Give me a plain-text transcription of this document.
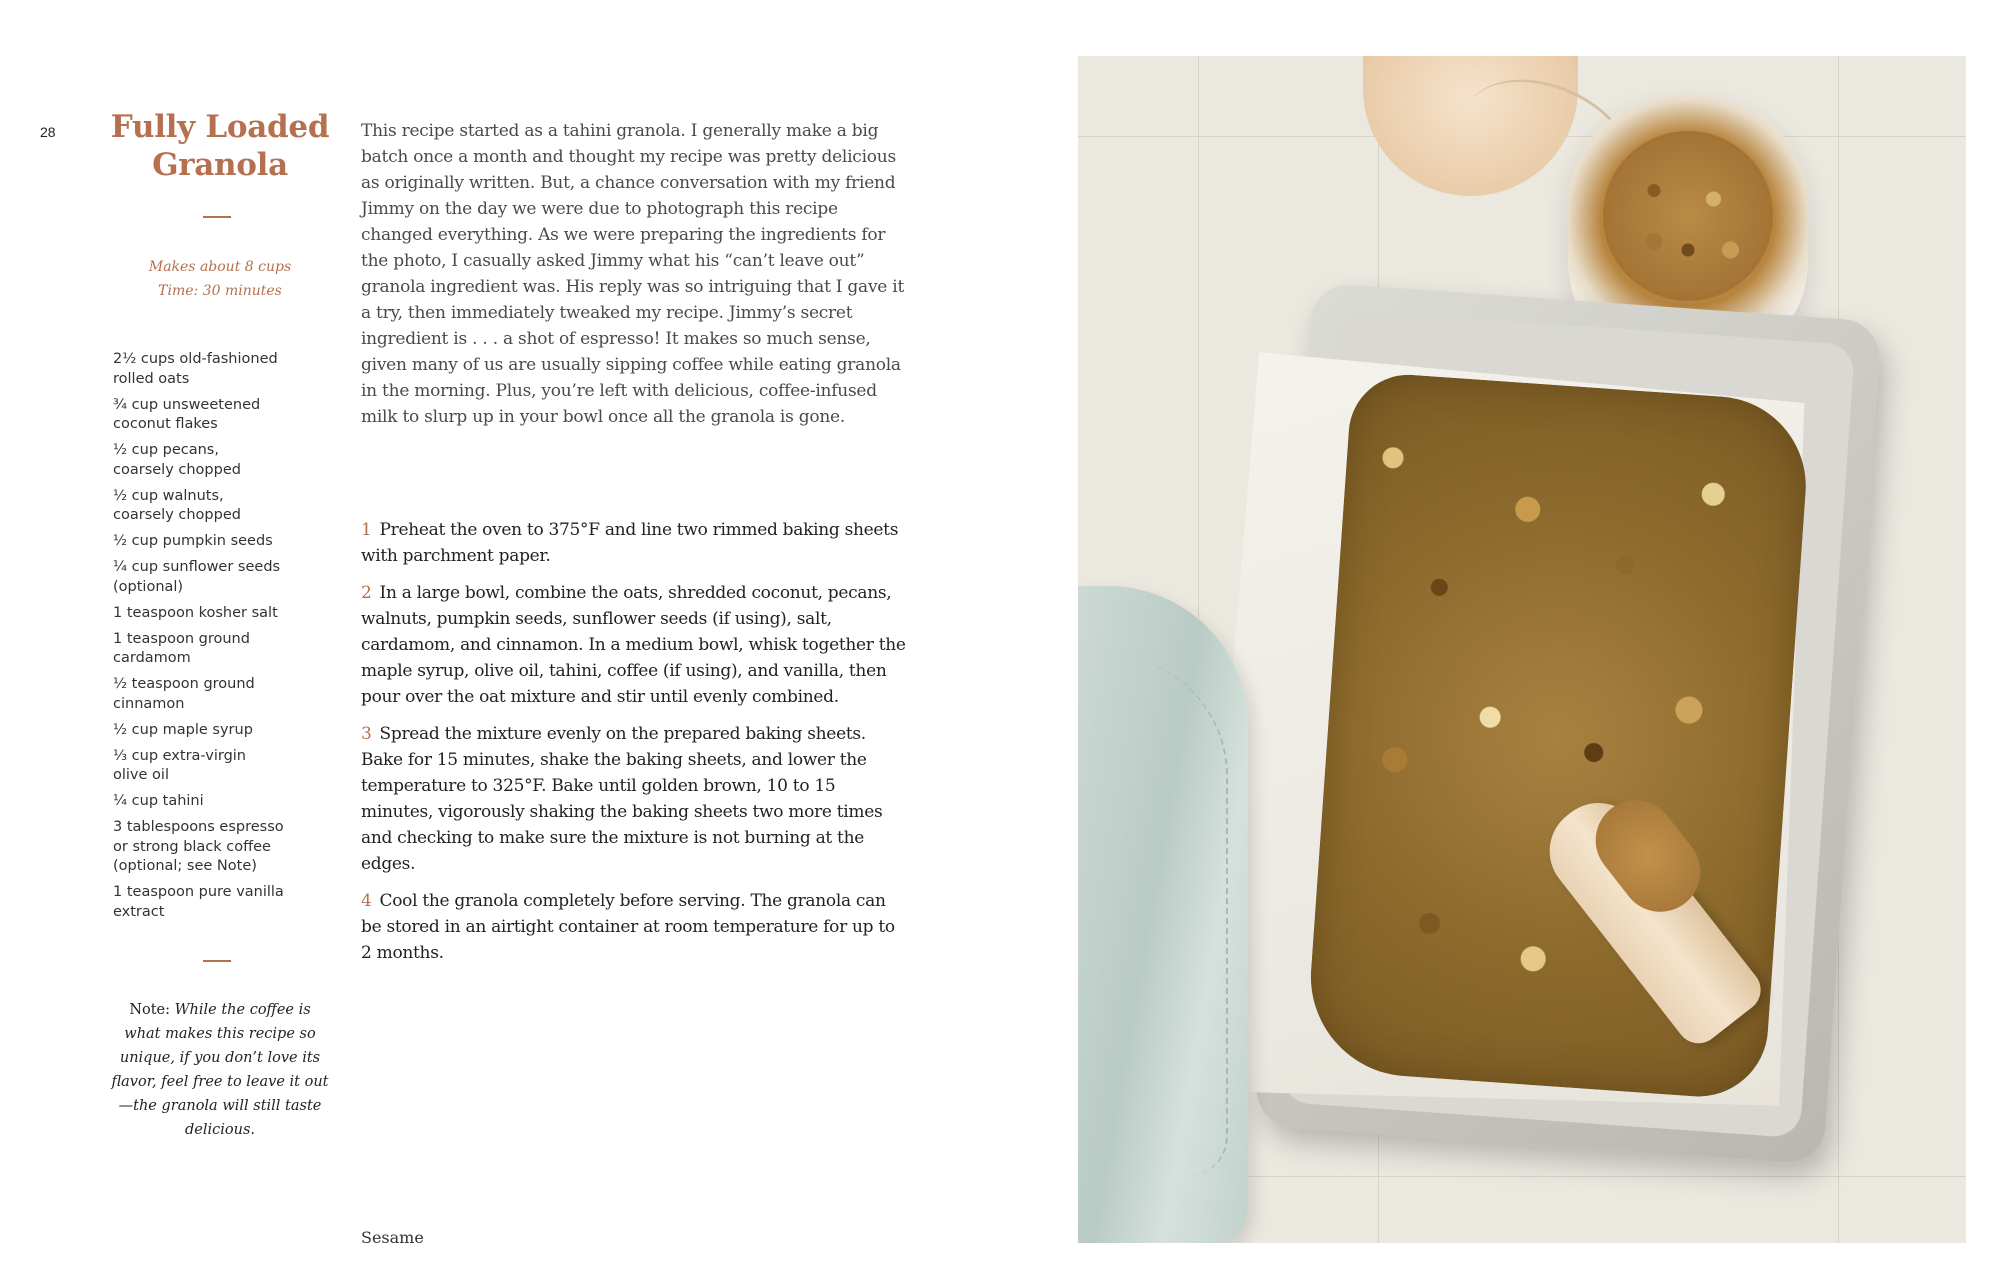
28	Fully Loaded
Granola
Makes about 8 cups
Time: 30 minutes
2½ cups old-fashioned
rolled oats
¾ cup unsweetened
coconut flakes
½ cup pecans,
coarsely chopped
½ cup walnuts,
coarsely chopped
½ cup pumpkin seeds
¼ cup sunflower seeds
(optional)
1 teaspoon kosher salt
1 teaspoon ground
cardamom
½ teaspoon ground
cinnamon
½ cup maple syrup
⅓ cup extra-virgin
olive oil
¼ cup tahini
3 tablespoons espresso
or strong black coffee
(optional; see Note)
1 teaspoon pure vanilla
extract
Note: While the coffee is what makes this recipe so unique, if you don’t love its flavor, feel free to leave it out—the granola will still taste delicious.

This recipe started as a tahini granola. I generally make a big batch once a month and thought my recipe was pretty delicious as originally written. But, a chance conversation with my friend Jimmy on the day we were due to photograph this recipe changed everything. As we were preparing the ingredients for the photo, I casually asked Jimmy what his “can’t leave out” granola ingredient was. His reply was so intriguing that I gave it a try, then immediately tweaked my recipe. Jimmy’s secret ingredient is . . . a shot of espresso! It makes so much sense, given many of us are usually sipping coffee while eating granola in the morning. Plus, you’re left with delicious, coffee-infused milk to slurp up in your bowl once all the granola is gone.

1 Preheat the oven to 375°F and line two rimmed baking sheets with parchment paper.
2 In a large bowl, combine the oats, shredded coconut, pecans, walnuts, pumpkin seeds, sunflower seeds (if using), salt, cardamom, and cinnamon. In a medium bowl, whisk together the maple syrup, olive oil, tahini, coffee (if using), and vanilla, then pour over the oat mixture and stir until evenly combined.
3 Spread the mixture evenly on the prepared baking sheets. Bake for 15 minutes, shake the baking sheets, and lower the temperature to 325°F. Bake until golden brown, 10 to 15 minutes, vigorously shaking the baking sheets two more times and checking to make sure the mixture is not burning at the edges.
4 Cool the granola completely before serving. The granola can be stored in an airtight container at room temperature for up to 2 months.
Sesame
